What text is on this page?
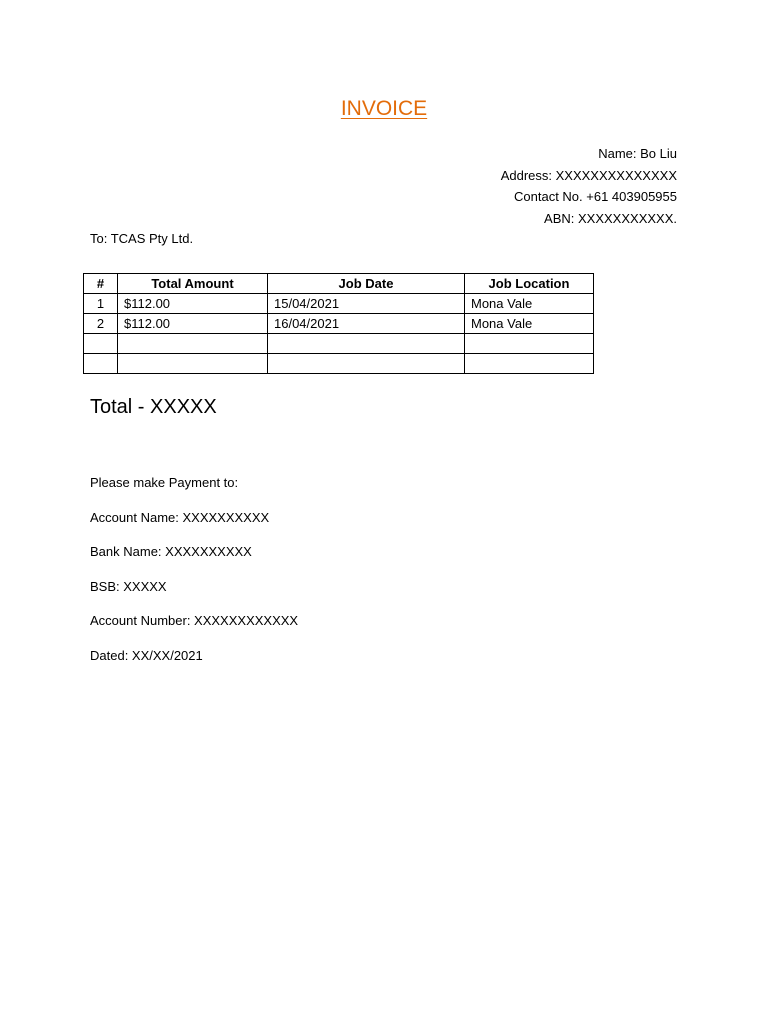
INVOICE
Name: Bo Liu
Address: XXXXXXXXXXXXXX
Contact No. +61 403905955
ABN: XXXXXXXXXXX.
To: TCAS Pty Ltd.
#	Total Amount	Job Date	Job Location
1	$112.00	15/04/2021	Mona Vale
2	$112.00	16/04/2021	Mona Vale

Total - XXXXX
Please make Payment to:
Account Name: XXXXXXXXXX
Bank Name: XXXXXXXXXX
BSB: XXXXX
Account Number: XXXXXXXXXXXX
Dated: XX/XX/2021
